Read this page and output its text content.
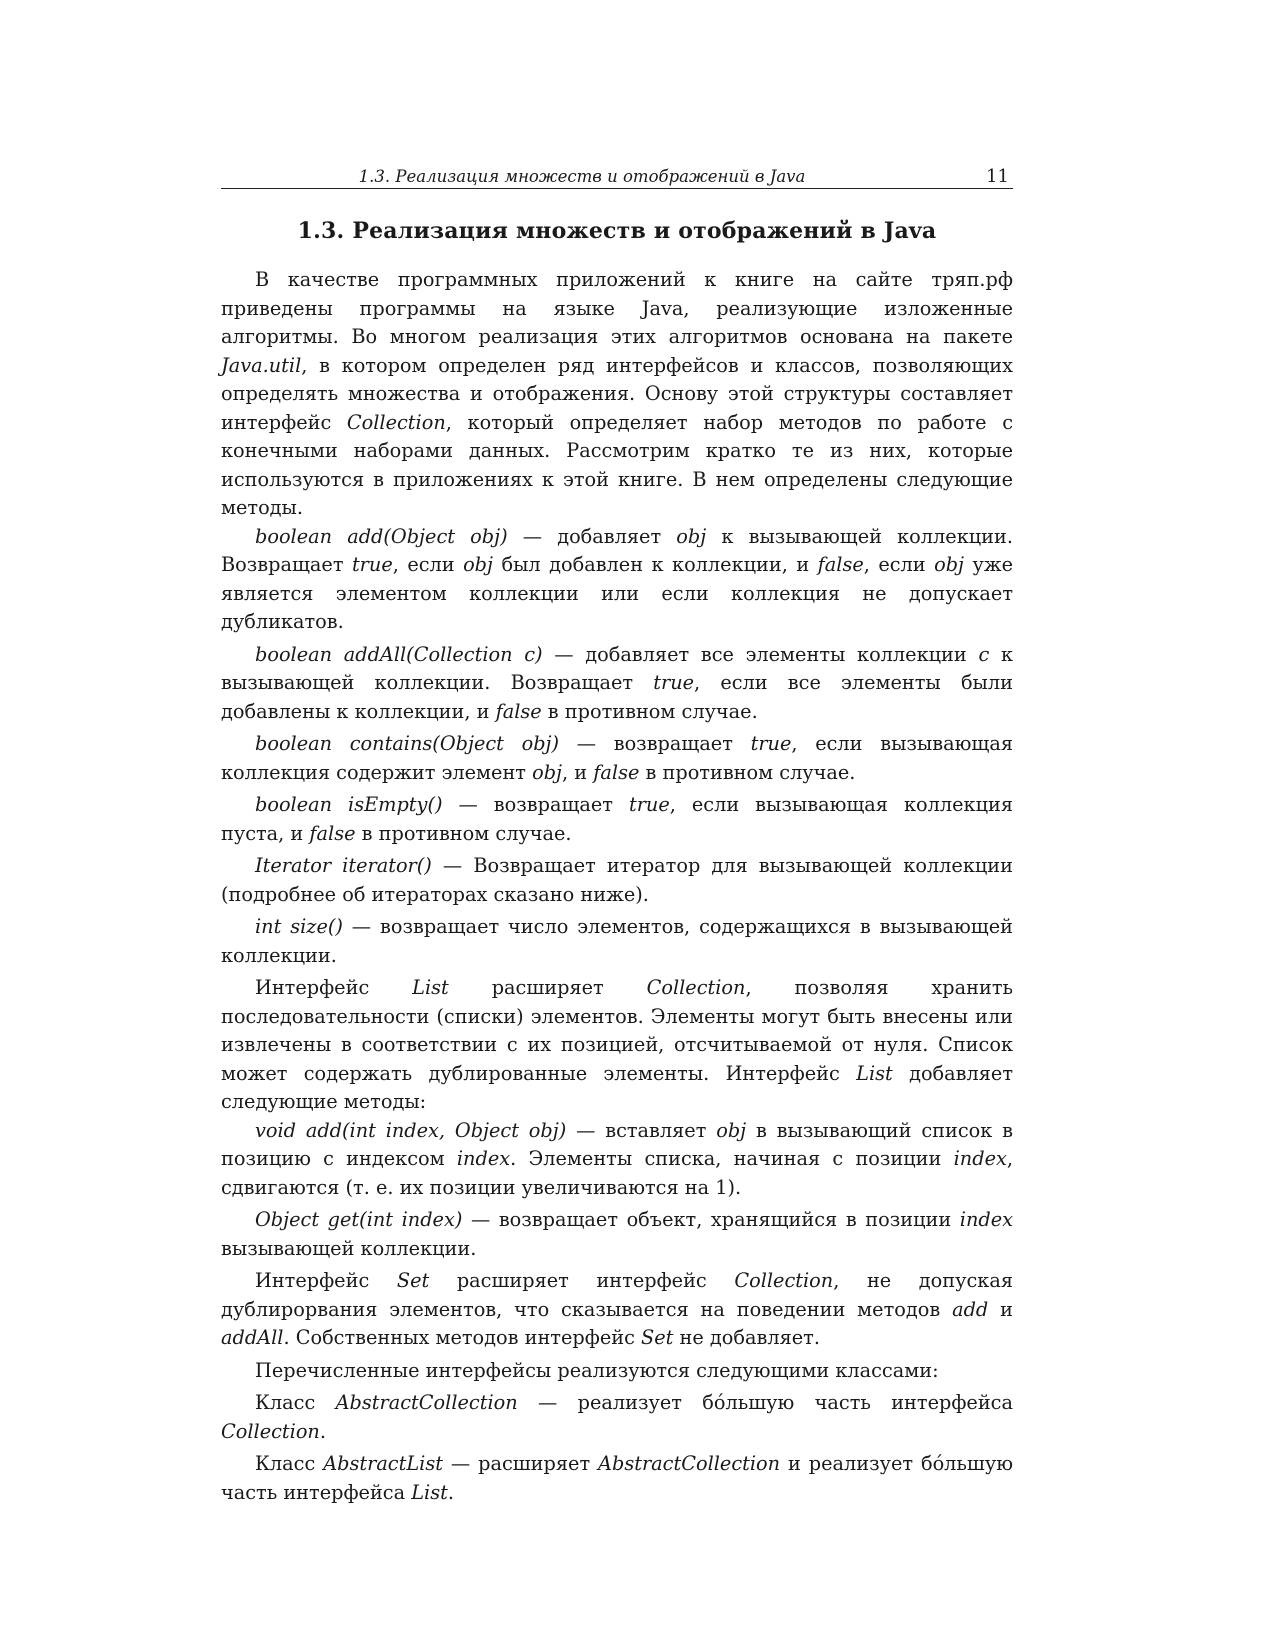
1.3. Реализация множеств и отображений в Java	11
1.3. Реализация множеств и отображений в Java

В качестве программных приложений к книге на сайте тряп.рф приведены программы на языке Java, реализующие изложенные алгоритмы. Во многом реализация этих алгоритмов основана на пакете Java.util, в котором определен ряд интерфейсов и классов, позволяющих определять множества и отображения. Основу этой структуры составляет интерфейс Collection, который определяет набор методов по работе с конечными наборами данных. Рассмотрим кратко те из них, которые используются в приложениях к этой книге. В нем определены следующие методы.

boolean add(Object obj) — добавляет obj к вызывающей коллекции. Возвращает true, если obj был добавлен к коллекции, и false, если obj уже является элементом коллекции или если коллекция не допускает дубликатов.

boolean addAll(Collection c) — добавляет все элементы коллекции c к вызывающей коллекции. Возвращает true, если все элементы были добавлены к коллекции, и false в противном случае.

boolean contains(Object obj) — возвращает true, если вызывающая коллекция содержит элемент obj, и false в противном случае.

boolean isEmpty() — возвращает true, если вызывающая коллекция пуста, и false в противном случае.

Iterator iterator() — Возвращает итератор для вызывающей коллекции (подробнее об итераторах сказано ниже).

int size() — возвращает число элементов, содержащихся в вызывающей коллекции.

Интерфейс List расширяет Collection, позволяя хранить последовательности (списки) элементов. Элементы могут быть внесены или извлечены в соответствии с их позицией, отсчитываемой от нуля. Список может содержать дублированные элементы. Интерфейс List добавляет следующие методы:

void add(int index, Object obj) — вставляет obj в вызывающий список в позицию с индексом index. Элементы списка, начиная с позиции index, сдвигаются (т. е. их позиции увеличиваются на 1).

Object get(int index) — возвращает объект, хранящийся в позиции index вызывающей коллекции.

Интерфейс Set расширяет интерфейс Collection, не допуская дублирорвания элементов, что сказывается на поведении методов add и addAll. Собственных методов интерфейс Set не добавляет.

Перечисленные интерфейсы реализуются следующими классами:

Класс AbstractCollection — реализует бóльшую часть интерфейса Collection.

Класс AbstractList — расширяет AbstractCollection и реализует бóльшую часть интерфейса List.
